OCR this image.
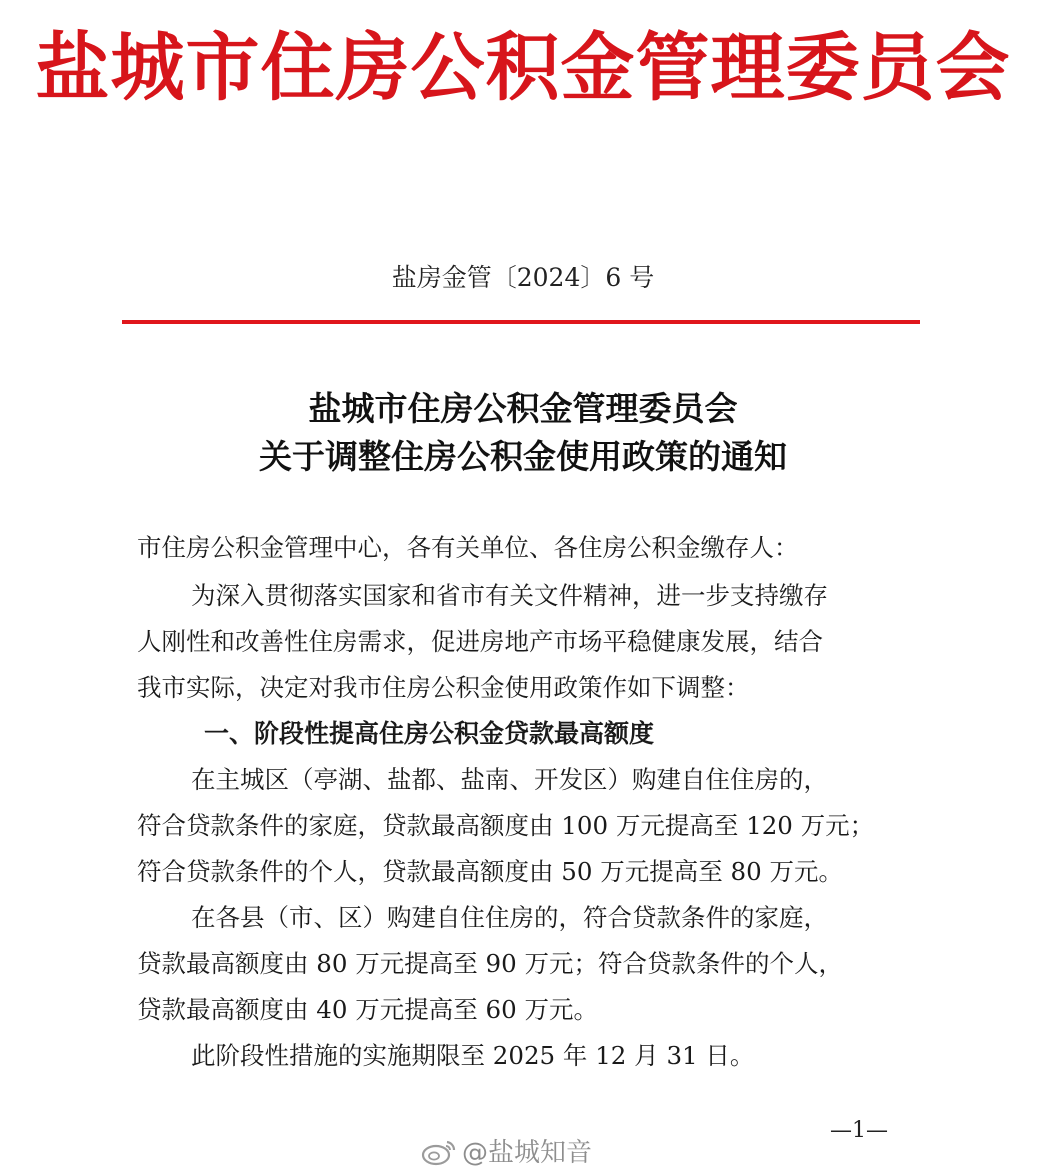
盐城市住房公积金管理委员会
盐房金管〔2024〕6 号
盐城市住房公积金管理委员会
关于调整住房公积金使用政策的通知
市住房公积金管理中心，各有关单位、各住房公积金缴存人：
为深入贯彻落实国家和省市有关文件精神，进一步支持缴存
人刚性和改善性住房需求，促进房地产市场平稳健康发展，结合
我市实际，决定对我市住房公积金使用政策作如下调整：
一、阶段性提高住房公积金贷款最高额度
在主城区（亭湖、盐都、盐南、开发区）购建自住住房的，
符合贷款条件的家庭，贷款最高额度由 100 万元提高至 120 万元；
符合贷款条件的个人，贷款最高额度由 50 万元提高至 80 万元。
在各县（市、区）购建自住住房的，符合贷款条件的家庭，
贷款最高额度由 80 万元提高至 90 万元；符合贷款条件的个人，
贷款最高额度由 40 万元提高至 60 万元。
此阶段性措施的实施期限至 2025 年 12 月 31 日。
—1—
@盐城知音
